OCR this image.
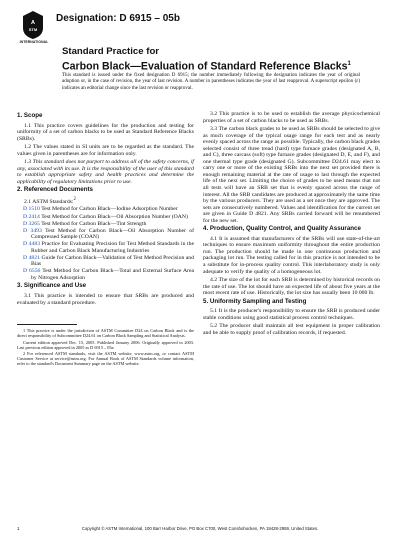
A
STM
INTERNATIONAL
Designation: D 6915 – 05b
Standard Practice for
Carbon Black—Evaluation of Standard Reference Blacks$^1$
This standard is issued under the fixed designation D 6915; the number immediately following the designation indicates the year of original adoption or, in the case of revision, the year of last revision. A number in parentheses indicates the year of last reapproval. A superscript epsilon (ε) indicates an editorial change since the last revision or reapproval.
1. Scope

1.1 This practice covers guidelines for the production and testing for uniformity of a set of carbon blacks to be used as Standard Reference Blacks (SRBs).

1.2 The values stated in SI units are to be regarded as the standard. The values given in parentheses are for information only.

1.3 This standard does not purport to address all of the safety concerns, if any, associated with its use. It is the responsibility of the user of this standard to establish appropriate safety and health practices and determine the applicability of regulatory limitations prior to use.

2. Referenced Documents

2.1 ASTM Standards:$^2$

D 1510 Test Method for Carbon Black—Iodine Adsorption Number

D 2414 Test Method for Carbon Black—Oil Absorption Number (OAN)

D 3265 Test Method for Carbon Black—Tint Strength

D 3493 Test Method for Carbon Black—Oil Absorption Number of Compressed Sample (COAN)

D 4483 Practice for Evaluating Precision for Test Method Standards in the Rubber and Carbon Black Manufacturing Industries

D 4821 Guide for Carbon Black—Validation of Test Method Precision and Bias

D 6556 Test Method for Carbon Black—Total and External Surface Area by Nitrogen Adsorption

3. Significance and Use

3.1 This practice is intended to ensure that SRBs are produced and evaluated by a standard procedure.

1 This practice is under the jurisdiction of ASTM Committee D24 on Carbon Black and is the direct responsibility of Subcommittee D24.61 on Carbon Black Sampling and Statistical Analysis.

Current edition approved Dec. 15, 2005. Published January 2006. Originally approved in 2003. Last previous edition approved in 2005 as D 6915 – 05a.

2 For referenced ASTM standards, visit the ASTM website, www.astm.org, or contact ASTM Customer Service at service@astm.org. For Annual Book of ASTM Standards volume information, refer to the standard's Document Summary page on the ASTM website.

3.2 This practice is to be used to establish the average physicochemical properties of a set of carbon blacks to be used as SRBs.

3.3 The carbon black grades to be used as SRBs should be selected to give as much coverage of the typical usage range for each test and as nearly evenly spaced across the range as possible. Typically, the carbon black grades selected consist of three tread (hard) type furnace grades (designated A, B, and C), three carcass (soft) type furnace grades (designated D, E, and F), and one thermal type grade (designated G). Subcommittee D24.61 may elect to carry one or more of the existing SRBs into the next set provided there is enough remaining material at the rate of usage to last through the expected life of the next set. Limiting the choice of grades to be used means that not all tests will have an SRB set that is evenly spaced across the range of interest. All the SRB candidates are produced at approximately the same time by the various producers. They are used as a set once they are approved. The sets are consecutively numbered. Values and identification for the current set are given in Guide D 4821. Any SRBs carried forward will be renumbered for the new set.

4. Production, Quality Control, and Quality Assurance

4.1 It is assumed that manufacturers of the SRBs will use state-of-the-art techniques to ensure maximum uniformity throughout the entire production run. The production should be made in one continuous production and packaging lot run. The testing called for in this practice is not intended to be a substitute for in-process quality control. This interlaboratory study is only adequate to verify the quality of a homogeneous lot.

4.2 The size of the lot for each SRB is determined by historical records on the rate of use. The lot should have an expected life of about five years at the most recent rate of use. Historically, the lot size has usually been 10 000 lb.

5. Uniformity Sampling and Testing

5.1 It is the producer's responsibility to ensure the SRB is produced under stable conditions using good statistical process control techniques.

5.2 The producer shall maintain all test equipment in proper calibration and be able to supply proof of calibration records, if requested.

1	Copyright © ASTM International, 100 Barr Harbor Drive, PO Box C700, West Conshohocken, PA 19428-2959, United States.
